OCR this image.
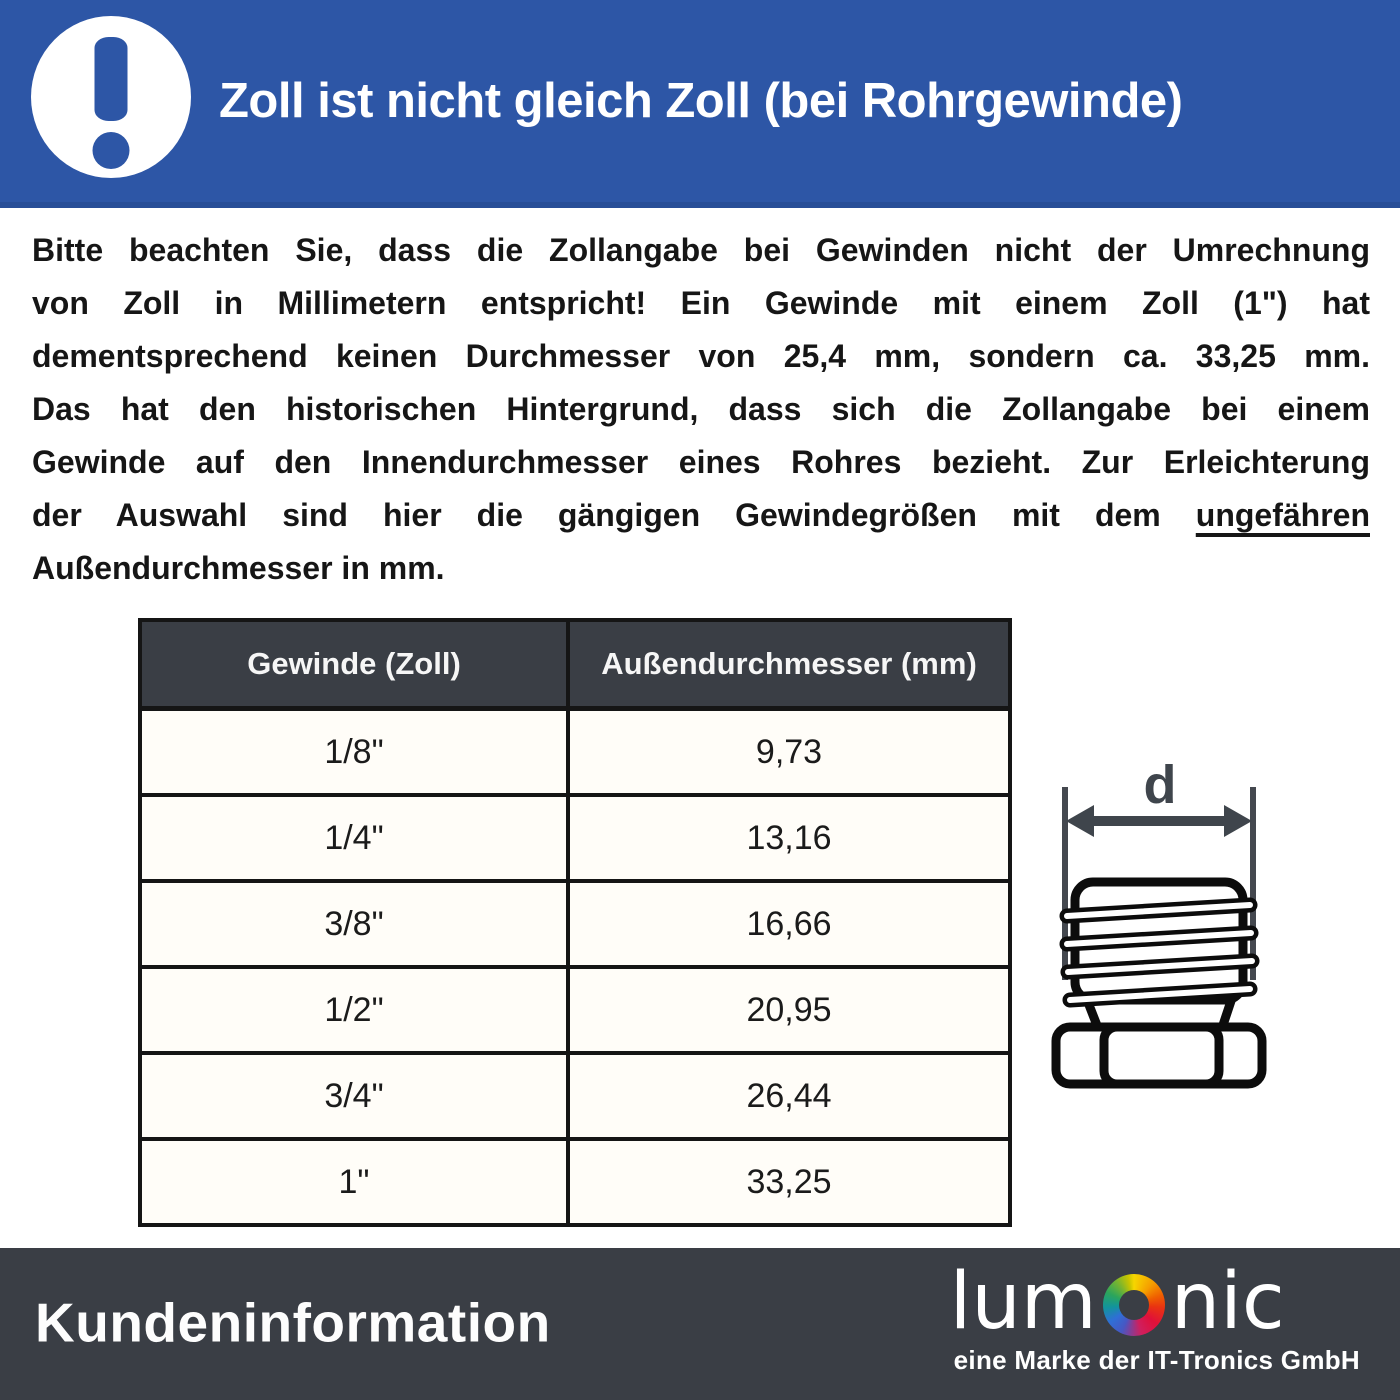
Zoll ist nicht gleich Zoll (bei Rohrgewinde)
Bitte beachten Sie, dass die Zollangabe bei Gewinden nicht der Umrechnung
von Zoll in Millimetern entspricht! Ein Gewinde mit einem Zoll (1") hat
dementsprechend keinen Durchmesser von 25,4 mm, sondern ca. 33,25 mm.
Das hat den historischen Hintergrund, dass sich die Zollangabe bei einem
Gewinde auf den Innendurchmesser eines Rohres bezieht. Zur Erleichterung
der Auswahl sind hier die gängigen Gewindegrößen mit dem ungefähren
Außendurchmesser in mm.
Gewinde (Zoll)	Außendurchmesser (mm)
1/8"	9,73
1/4"	13,16
3/8"	16,66
1/2"	20,95
3/4"	26,44
1"	33,25
d
Kundeninformation	lum nic
eine Marke der IT-Tronics GmbH
